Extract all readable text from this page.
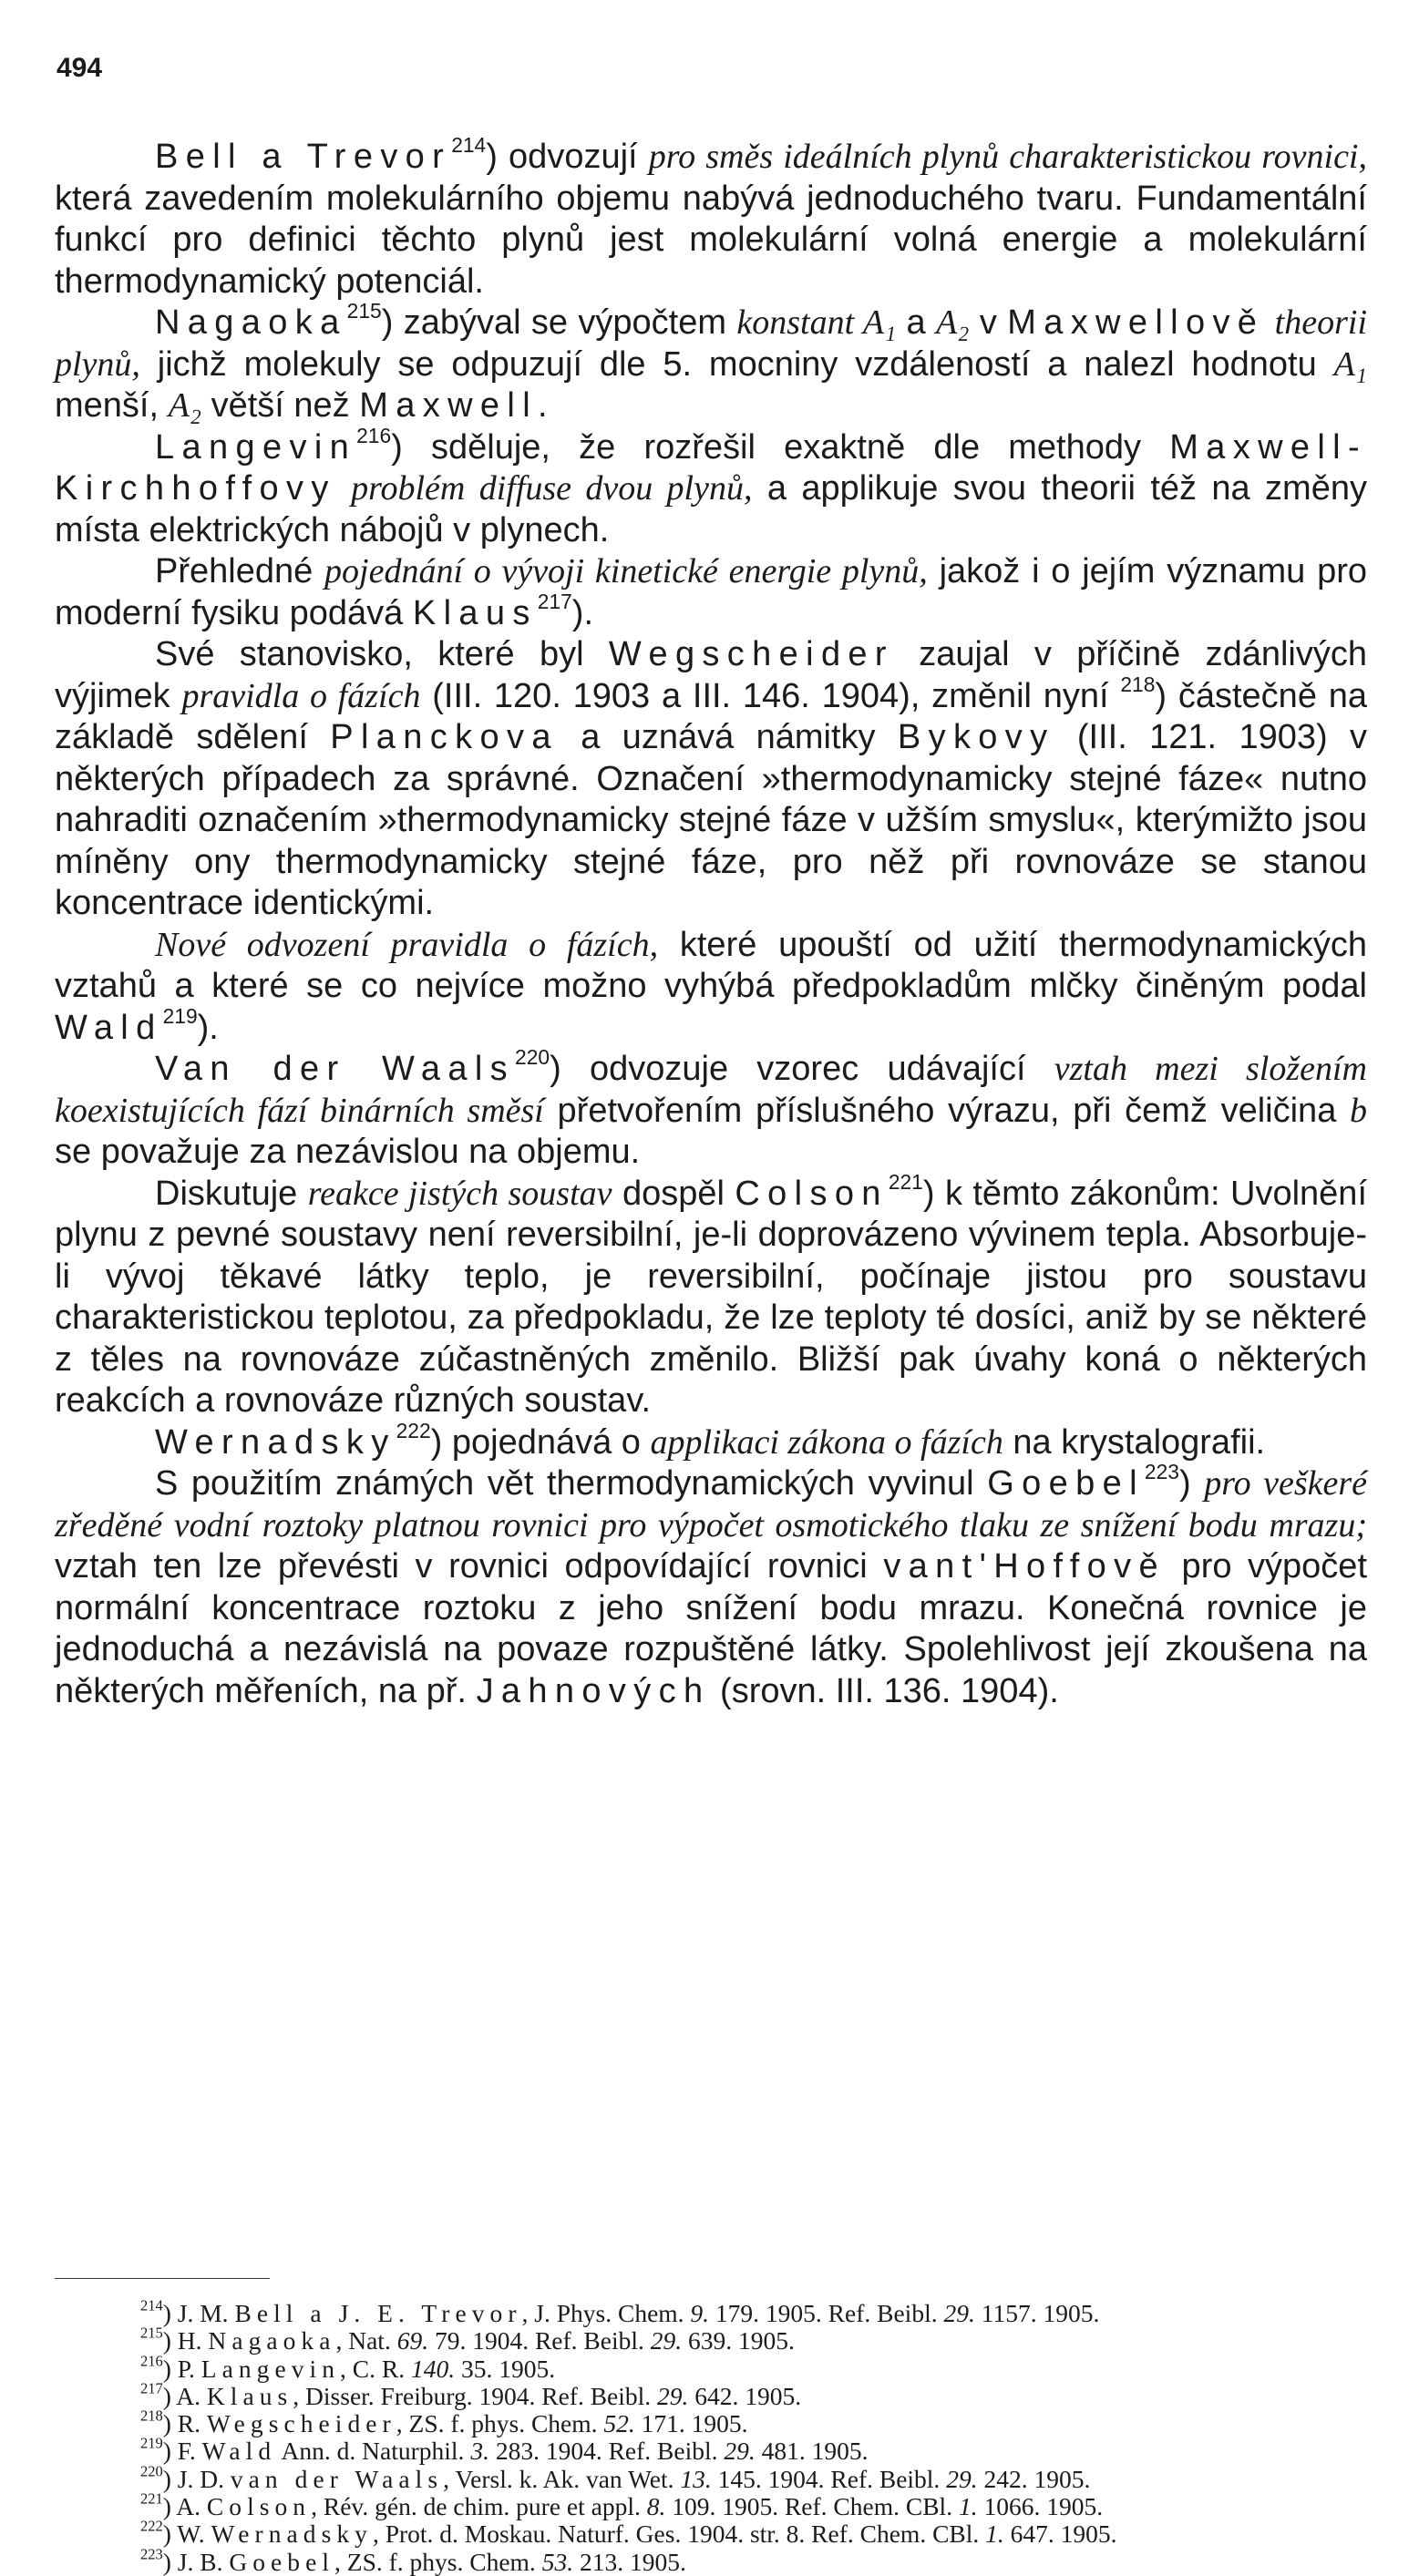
494

Bell a Trevor$^{214}$) odvozují pro směs ideálních plynů charakteristickou rovnici, která zavedením molekulárního objemu nabývá jednoduchého tvaru. Fundamentální funkcí pro definici těchto plynů jest molekulární volná energie a molekulární thermodynamický potenciál.

Nagaoka$^{215}$) zabýval se výpočtem konstant A₁ a A₂ v Maxwellově theorii plynů, jichž molekuly se odpuzují dle 5. mocniny vzdáleností a nalezl hodnotu A₁ menší, A₂ větší než Maxwell.

Langevin$^{216}$) sděluje, že rozřešil exaktně dle methody Maxwell-Kirchhoffovy problém diffuse dvou plynů, a applikuje svou theorii též na změny místa elektrických nábojů v plynech.

Přehledné pojednání o vývoji kinetické energie plynů, jakož i o jejím významu pro moderní fysiku podává Klaus$^{217}$).

Své stanovisko, které byl Wegscheider zaujal v příčině zdánlivých výjimek pravidla o fázích (III. 120. 1903 a III. 146. 1904), změnil nyní $^{218}$) částečně na základě sdělení Planckova a uznává námitky Bykovy (III. 121. 1903) v některých případech za správné. Označení »thermodynamicky stejné fáze« nutno nahraditi označením »thermodynamicky stejné fáze v užším smyslu«, kterýmižto jsou míněny ony thermodynamicky stejné fáze, pro něž při rovnováze se stanou koncentrace identickými.

Nové odvození pravidla o fázích, které upouští od užití thermodynamických vztahů a které se co nejvíce možno vyhýbá předpokladům mlčky činěným podal Wald$^{219}$).

Van der Waals$^{220}$) odvozuje vzorec udávající vztah mezi složením koexistujících fází binárních směsí přetvořením příslušného výrazu, při čemž veličina b se považuje za nezávislou na objemu.

Diskutuje reakce jistých soustav dospěl Colson$^{221}$) k těmto zákonům: Uvolnění plynu z pevné soustavy není reversibilní, je-li doprovázeno vývinem tepla. Absorbuje-li vývoj těkavé látky teplo, je reversibilní, počínaje jistou pro soustavu charakteristickou teplotou, za předpokladu, že lze teploty té dosíci, aniž by se některé z těles na rovnováze zúčastněných změnilo. Bližší pak úvahy koná o některých reakcích a rovnováze různých soustav.

Wernadsky$^{222}$) pojednává o applikaci zákona o fázích na krystalografii.

S použitím známých vět thermodynamických vyvinul Goebel$^{223}$) pro veškeré zředěné vodní roztoky platnou rovnici pro výpočet osmotického tlaku ze snížení bodu mrazu; vztah ten lze převésti v rovnici odpovídající rovnici vant'Hoffově pro výpočet normální koncentrace roztoku z jeho snížení bodu mrazu. Konečná rovnice je jednoduchá a nezávislá na povaze rozpuštěné látky. Spolehlivost její zkoušena na některých měřeních, na př. Jahnových (srovn. III. 136. 1904).

$^{214}$) J. M. Bell a J. E. Trevor, J. Phys. Chem. 9. 179. 1905. Ref. Beibl. 29. 1157. 1905.

$^{215}$) H. Nagaoka, Nat. 69. 79. 1904. Ref. Beibl. 29. 639. 1905.

$^{216}$) P. Langevin, C. R. 140. 35. 1905.

$^{217}$) A. Klaus, Disser. Freiburg. 1904. Ref. Beibl. 29. 642. 1905.

$^{218}$) R. Wegscheider, ZS. f. phys. Chem. 52. 171. 1905.

$^{219}$) F. Wald Ann. d. Naturphil. 3. 283. 1904. Ref. Beibl. 29. 481. 1905.

$^{220}$) J. D. van der Waals, Versl. k. Ak. van Wet. 13. 145. 1904. Ref. Beibl. 29. 242. 1905.

$^{221}$) A. Colson, Rév. gén. de chim. pure et appl. 8. 109. 1905. Ref. Chem. CBl. 1. 1066. 1905.

$^{222}$) W. Wernadsky, Prot. d. Moskau. Naturf. Ges. 1904. str. 8. Ref. Chem. CBl. 1. 647. 1905.

$^{223}$) J. B. Goebel, ZS. f. phys. Chem. 53. 213. 1905.
